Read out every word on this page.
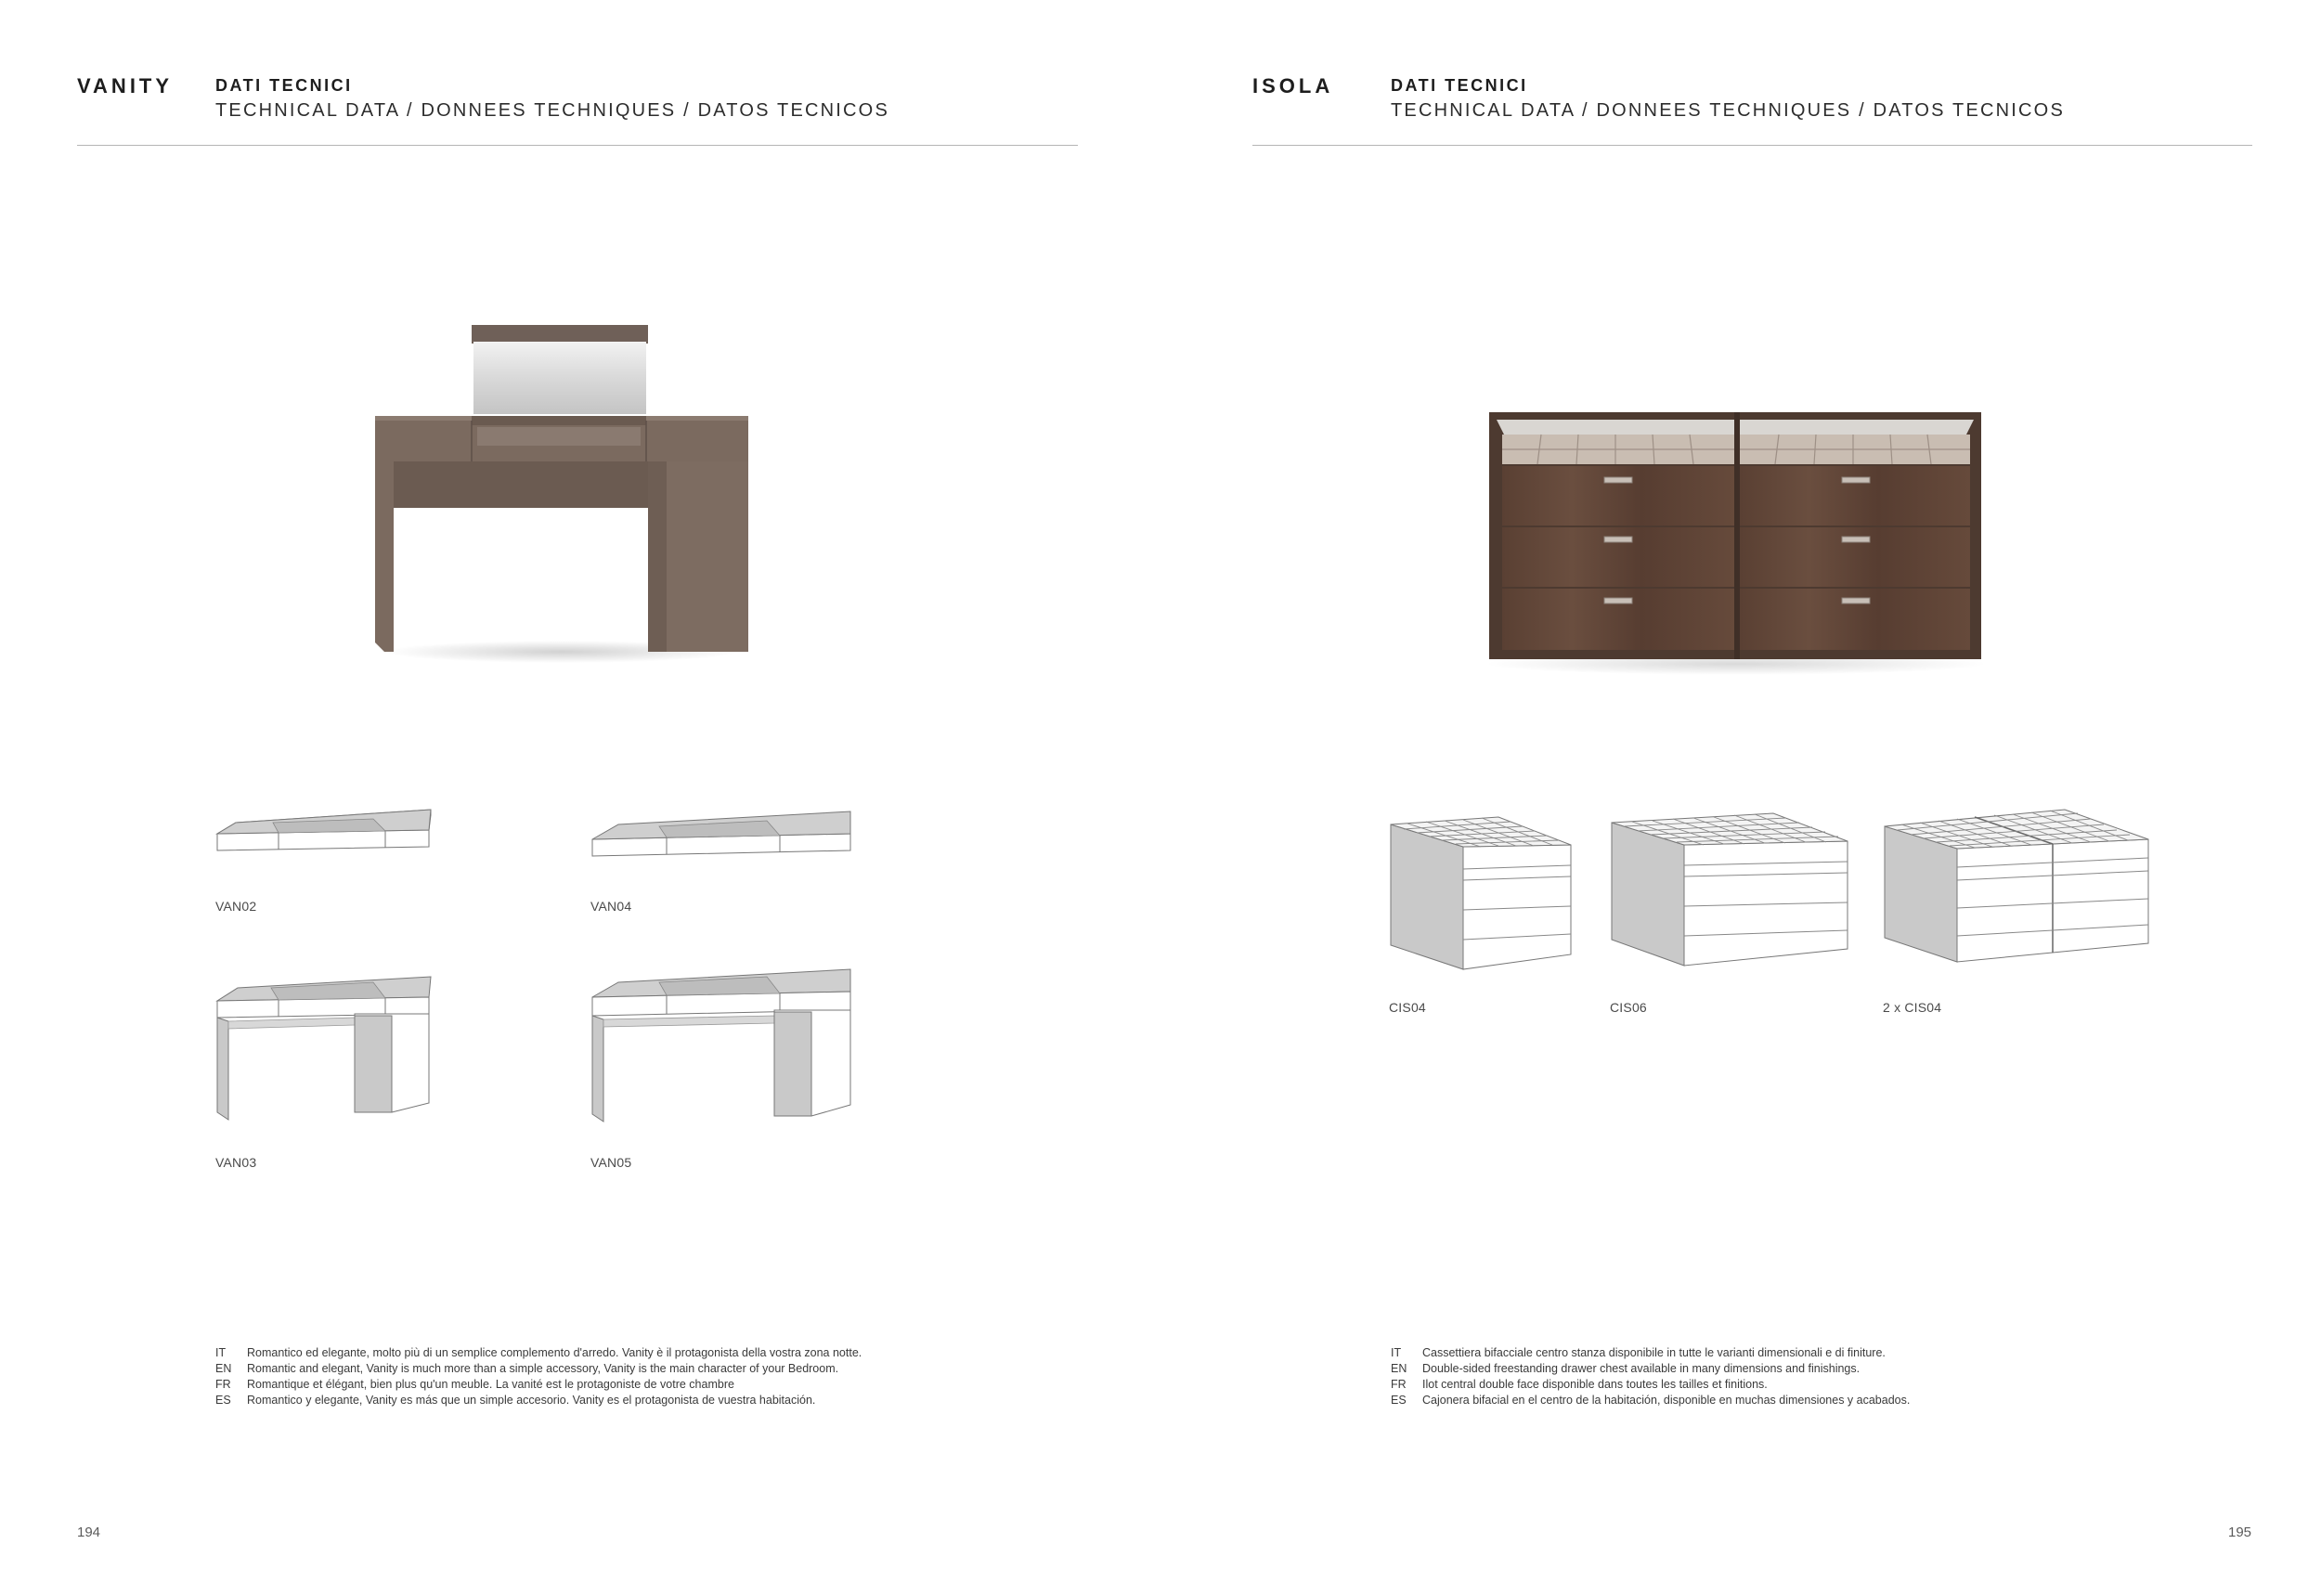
VANITY	DATI TECNICI
TECHNICAL DATA / DONNEES TECHNIQUES / DATOS TECNICOS
VAN02	VAN04
VAN03	VAN05
IT	Romantico ed elegante, molto più di un semplice complemento d'arredo. Vanity è il protagonista della vostra zona notte.
EN	Romantic and elegant, Vanity is much more than a simple accessory, Vanity is the main character of your Bedroom.
FR	Romantique et élégant, bien plus qu'un meuble. La vanité est le protagoniste de votre chambre
ES	Romantico y elegante, Vanity es más que un simple accesorio. Vanity es el protagonista de vuestra habitación.
194
ISOLA	DATI TECNICI
TECHNICAL DATA / DONNEES TECHNIQUES / DATOS TECNICOS
CIS04	CIS06	2 x CIS04
IT	Cassettiera bifacciale centro stanza disponibile in tutte le varianti dimensionali e di finiture.
EN	Double-sided freestanding drawer chest available in many dimensions and finishings.
FR	Ilot central double face disponible dans toutes les tailles et finitions.
ES	Cajonera bifacial en el centro de la habitación, disponible en muchas dimensiones y acabados.
195
